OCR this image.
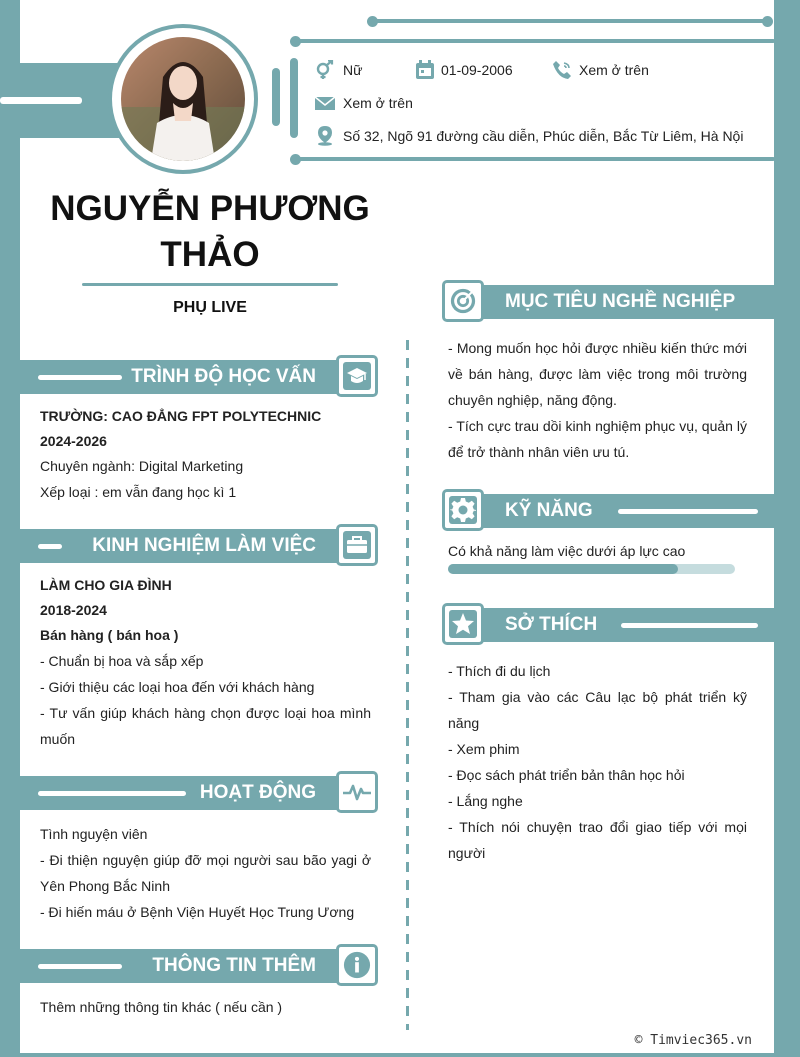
Nữ	01-09-2006	Xem ở trên
Xem ở trên
Số 32, Ngõ 91 đường cầu diễn, Phúc diễn, Bắc Từ Liêm, Hà Nội
NGUYỄN PHƯƠNG
THẢO
PHỤ LIVE
TRÌNH ĐỘ HỌC VẤN
TRƯỜNG: CAO ĐẲNG FPT POLYTECHNIC
2024-2026
Chuyên ngành: Digital Marketing
Xếp loại : em vẫn đang học kì 1
KINH NGHIỆM LÀM VIỆC
LÀM CHO GIA ĐÌNH
2018-2024
Bán hàng ( bán hoa )
- Chuẩn bị hoa và sắp xếp
- Giới thiệu các loại hoa đến với khách hàng
- Tư vấn giúp khách hàng chọn được loại hoa mình muốn
HOẠT ĐỘNG
Tình nguyện viên
- Đi thiện nguyện giúp đỡ mọi người sau bão yagi ở Yên Phong Bắc Ninh
- Đi hiến máu ở Bệnh Viện Huyết Học Trung Ương
THÔNG TIN THÊM
Thêm những thông tin khác ( nếu cần )
MỤC TIÊU NGHỀ NGHIỆP
- Mong muốn học hỏi được nhiều kiến thức mới về bán hàng, được làm việc trong môi trường chuyên nghiệp, năng động.
- Tích cực trau dồi kinh nghiệm phục vụ, quản lý để trở thành nhân viên ưu tú.
KỸ NĂNG
Có khả năng làm việc dưới áp lực cao
SỞ THÍCH
- Thích đi du lịch
- Tham gia vào các Câu lạc bộ phát triển kỹ năng
- Xem phim
- Đọc sách phát triển bản thân học hỏi
- Lắng nghe
- Thích nói chuyện trao đổi giao tiếp với mọi người
© Timviec365.vn
